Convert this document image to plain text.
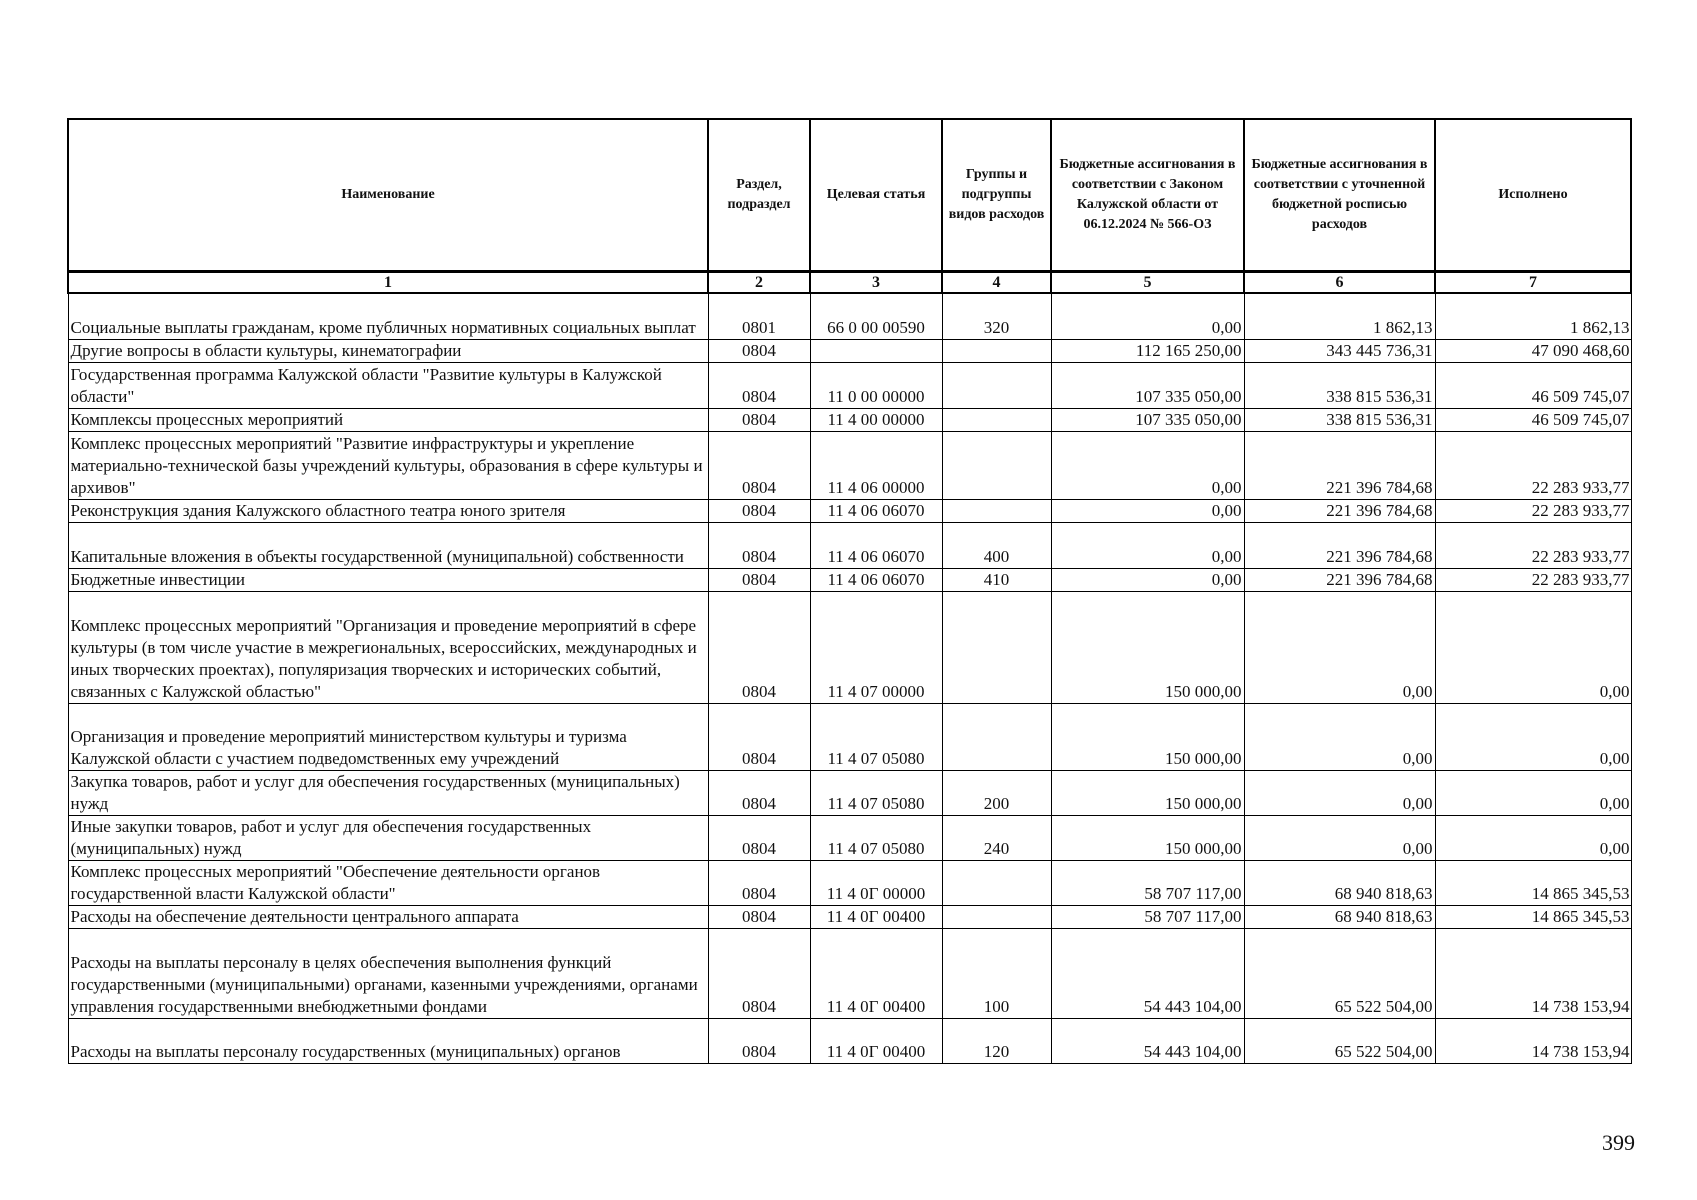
Наименование	Раздел, подраздел	Целевая статья	Группы и подгруппы видов расходов	Бюджетные ассигнования в соответствии с Законом Калужской области от 06.12.2024 № 566-ОЗ	Бюджетные ассигнования в соответствии с уточненной бюджетной росписью расходов	Исполнено
1	2	3	4	5	6	7
Социальные выплаты гражданам, кроме публичных нормативных социальных выплат	0801	66 0 00 00590	320	0,00	1 862,13	1 862,13
Другие вопросы в области культуры, кинематографии	0804			112 165 250,00	343 445 736,31	47 090 468,60
Государственная программа Калужской области "Развитие культуры в Калужской области"	0804	11 0 00 00000		107 335 050,00	338 815 536,31	46 509 745,07
Комплексы процессных мероприятий	0804	11 4 00 00000		107 335 050,00	338 815 536,31	46 509 745,07
Комплекс процессных мероприятий "Развитие инфраструктуры и укрепление материально-технической базы учреждений культуры, образования в сфере культуры и архивов"	0804	11 4 06 00000		0,00	221 396 784,68	22 283 933,77
Реконструкция здания Калужского областного театра юного зрителя	0804	11 4 06 06070		0,00	221 396 784,68	22 283 933,77
Капитальные вложения в объекты государственной (муниципальной) собственности	0804	11 4 06 06070	400	0,00	221 396 784,68	22 283 933,77
Бюджетные инвестиции	0804	11 4 06 06070	410	0,00	221 396 784,68	22 283 933,77
Комплекс процессных мероприятий "Организация и проведение мероприятий в сфере культуры (в том числе участие в межрегиональных, всероссийских, международных и иных творческих проектах), популяризация творческих и исторических событий, связанных с Калужской областью"	0804	11 4 07 00000		150 000,00	0,00	0,00
Организация и проведение мероприятий министерством культуры и туризма Калужской области с участием подведомственных ему учреждений	0804	11 4 07 05080		150 000,00	0,00	0,00
Закупка товаров, работ и услуг для обеспечения государственных (муниципальных) нужд	0804	11 4 07 05080	200	150 000,00	0,00	0,00
Иные закупки товаров, работ и услуг для обеспечения государственных (муниципальных) нужд	0804	11 4 07 05080	240	150 000,00	0,00	0,00
Комплекс процессных мероприятий "Обеспечение деятельности органов государственной власти Калужской области"	0804	11 4 0Г 00000		58 707 117,00	68 940 818,63	14 865 345,53
Расходы на обеспечение деятельности центрального аппарата	0804	11 4 0Г 00400		58 707 117,00	68 940 818,63	14 865 345,53
Расходы на выплаты персоналу в целях обеспечения выполнения функций государственными (муниципальными) органами, казенными учреждениями, органами управления государственными внебюджетными фондами	0804	11 4 0Г 00400	100	54 443 104,00	65 522 504,00	14 738 153,94
Расходы на выплаты персоналу государственных (муниципальных) органов	0804	11 4 0Г 00400	120	54 443 104,00	65 522 504,00	14 738 153,94
399
